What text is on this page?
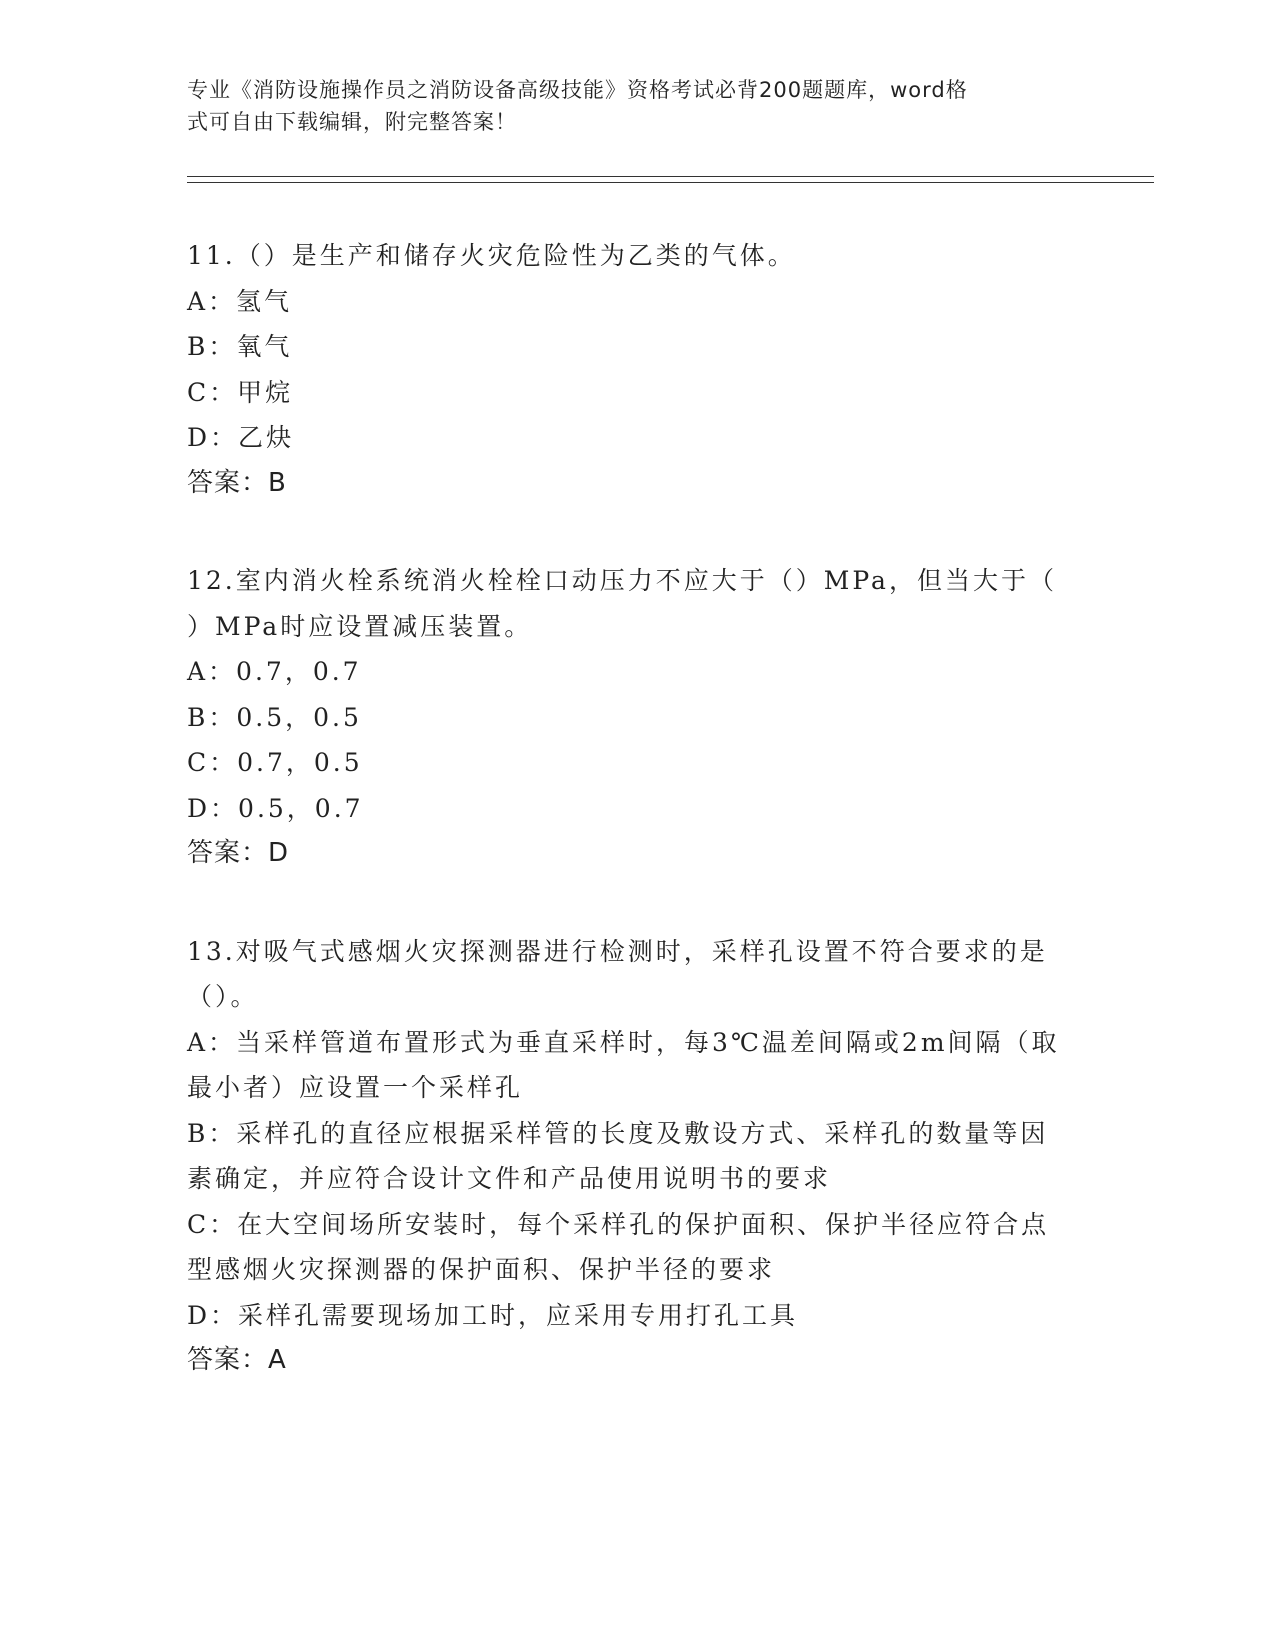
专业《消防设施操作员之消防设备高级技能》资格考试必背200题题库，word格
式可自由下载编辑，附完整答案！
11.（）是生产和储存火灾危险性为乙类的气体。
A：氢气
B：氧气
C：甲烷
D：乙炔
答案：B
12.室内消火栓系统消火栓栓口动压力不应大于（）MPa，但当大于（
）MPa时应设置减压装置。
A：0.7，0.7
B：0.5，0.5
C：0.7，0.5
D：0.5，0.7
答案：D
13.对吸气式感烟火灾探测器进行检测时，采样孔设置不符合要求的是
（）。
A：当采样管道布置形式为垂直采样时，每3℃温差间隔或2m间隔（取
最小者）应设置一个采样孔
B：采样孔的直径应根据采样管的长度及敷设方式、采样孔的数量等因
素确定，并应符合设计文件和产品使用说明书的要求
C：在大空间场所安装时，每个采样孔的保护面积、保护半径应符合点
型感烟火灾探测器的保护面积、保护半径的要求
D：采样孔需要现场加工时，应采用专用打孔工具
答案：A
